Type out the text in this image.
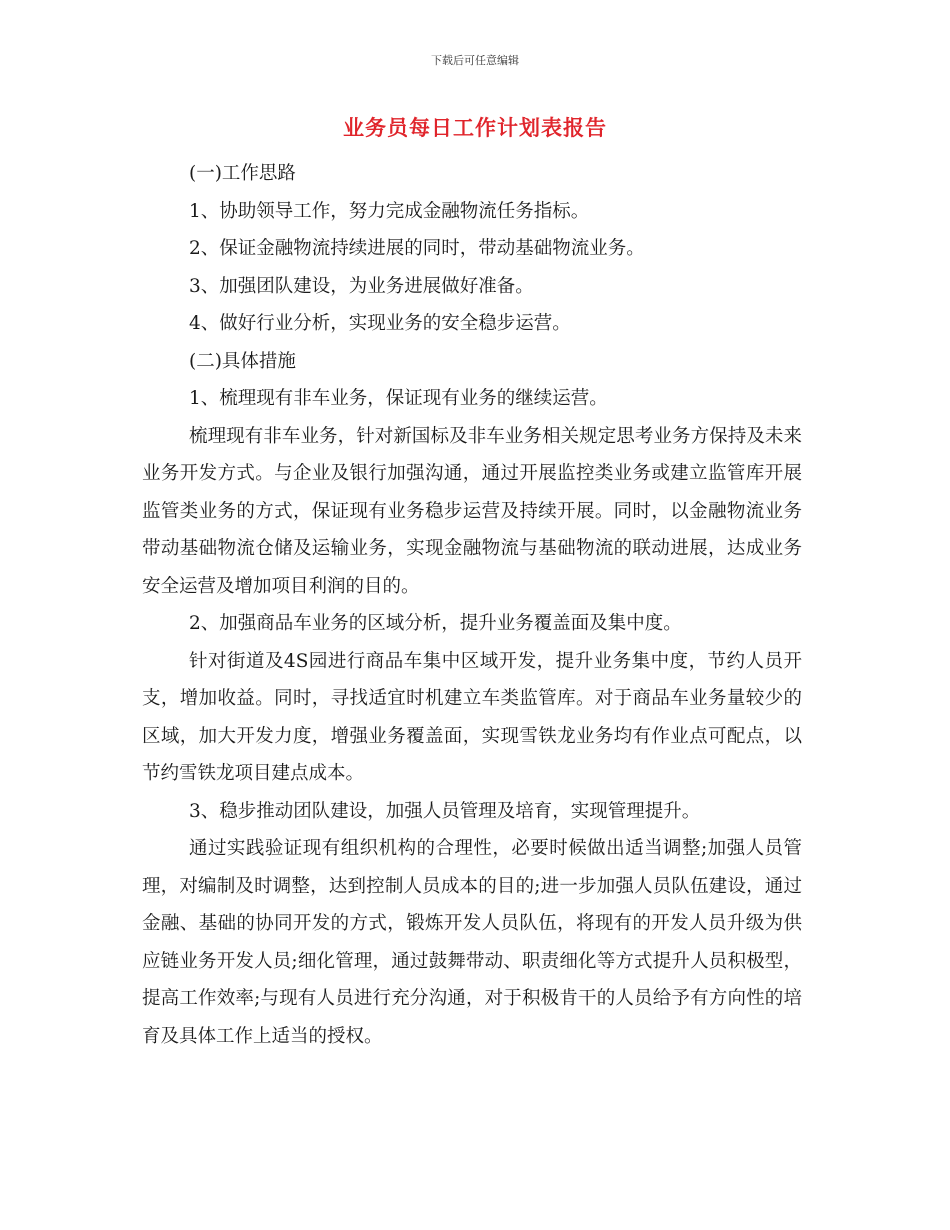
下载后可任意编辑
业务员每日工作计划表报告

(一)工作思路

1、协助领导工作，努力完成金融物流任务指标。

2、保证金融物流持续进展的同时，带动基础物流业务。

3、加强团队建设，为业务进展做好准备。

4、做好行业分析，实现业务的安全稳步运营。

(二)具体措施

1、梳理现有非车业务，保证现有业务的继续运营。

梳理现有非车业务，针对新国标及非车业务相关规定思考业务方保持及未来业务开发方式。与企业及银行加强沟通，通过开展监控类业务或建立监管库开展监管类业务的方式，保证现有业务稳步运营及持续开展。同时，以金融物流业务带动基础物流仓储及运输业务，实现金融物流与基础物流的联动进展，达成业务安全运营及增加项目利润的目的。

2、加强商品车业务的区域分析，提升业务覆盖面及集中度。

针对街道及4S园进行商品车集中区域开发，提升业务集中度，节约人员开支，增加收益。同时，寻找适宜时机建立车类监管库。对于商品车业务量较少的区域，加大开发力度，增强业务覆盖面，实现雪铁龙业务均有作业点可配点，以节约雪铁龙项目建点成本。

3、稳步推动团队建设，加强人员管理及培育，实现管理提升。

通过实践验证现有组织机构的合理性，必要时候做出适当调整;加强人员管理，对编制及时调整，达到控制人员成本的目的;进一步加强人员队伍建设，通过金融、基础的协同开发的方式，锻炼开发人员队伍，将现有的开发人员升级为供应链业务开发人员;细化管理，通过鼓舞带动、职责细化等方式提升人员积极型，提高工作效率;与现有人员进行充分沟通，对于积极肯干的人员给予有方向性的培育及具体工作上适当的授权。
